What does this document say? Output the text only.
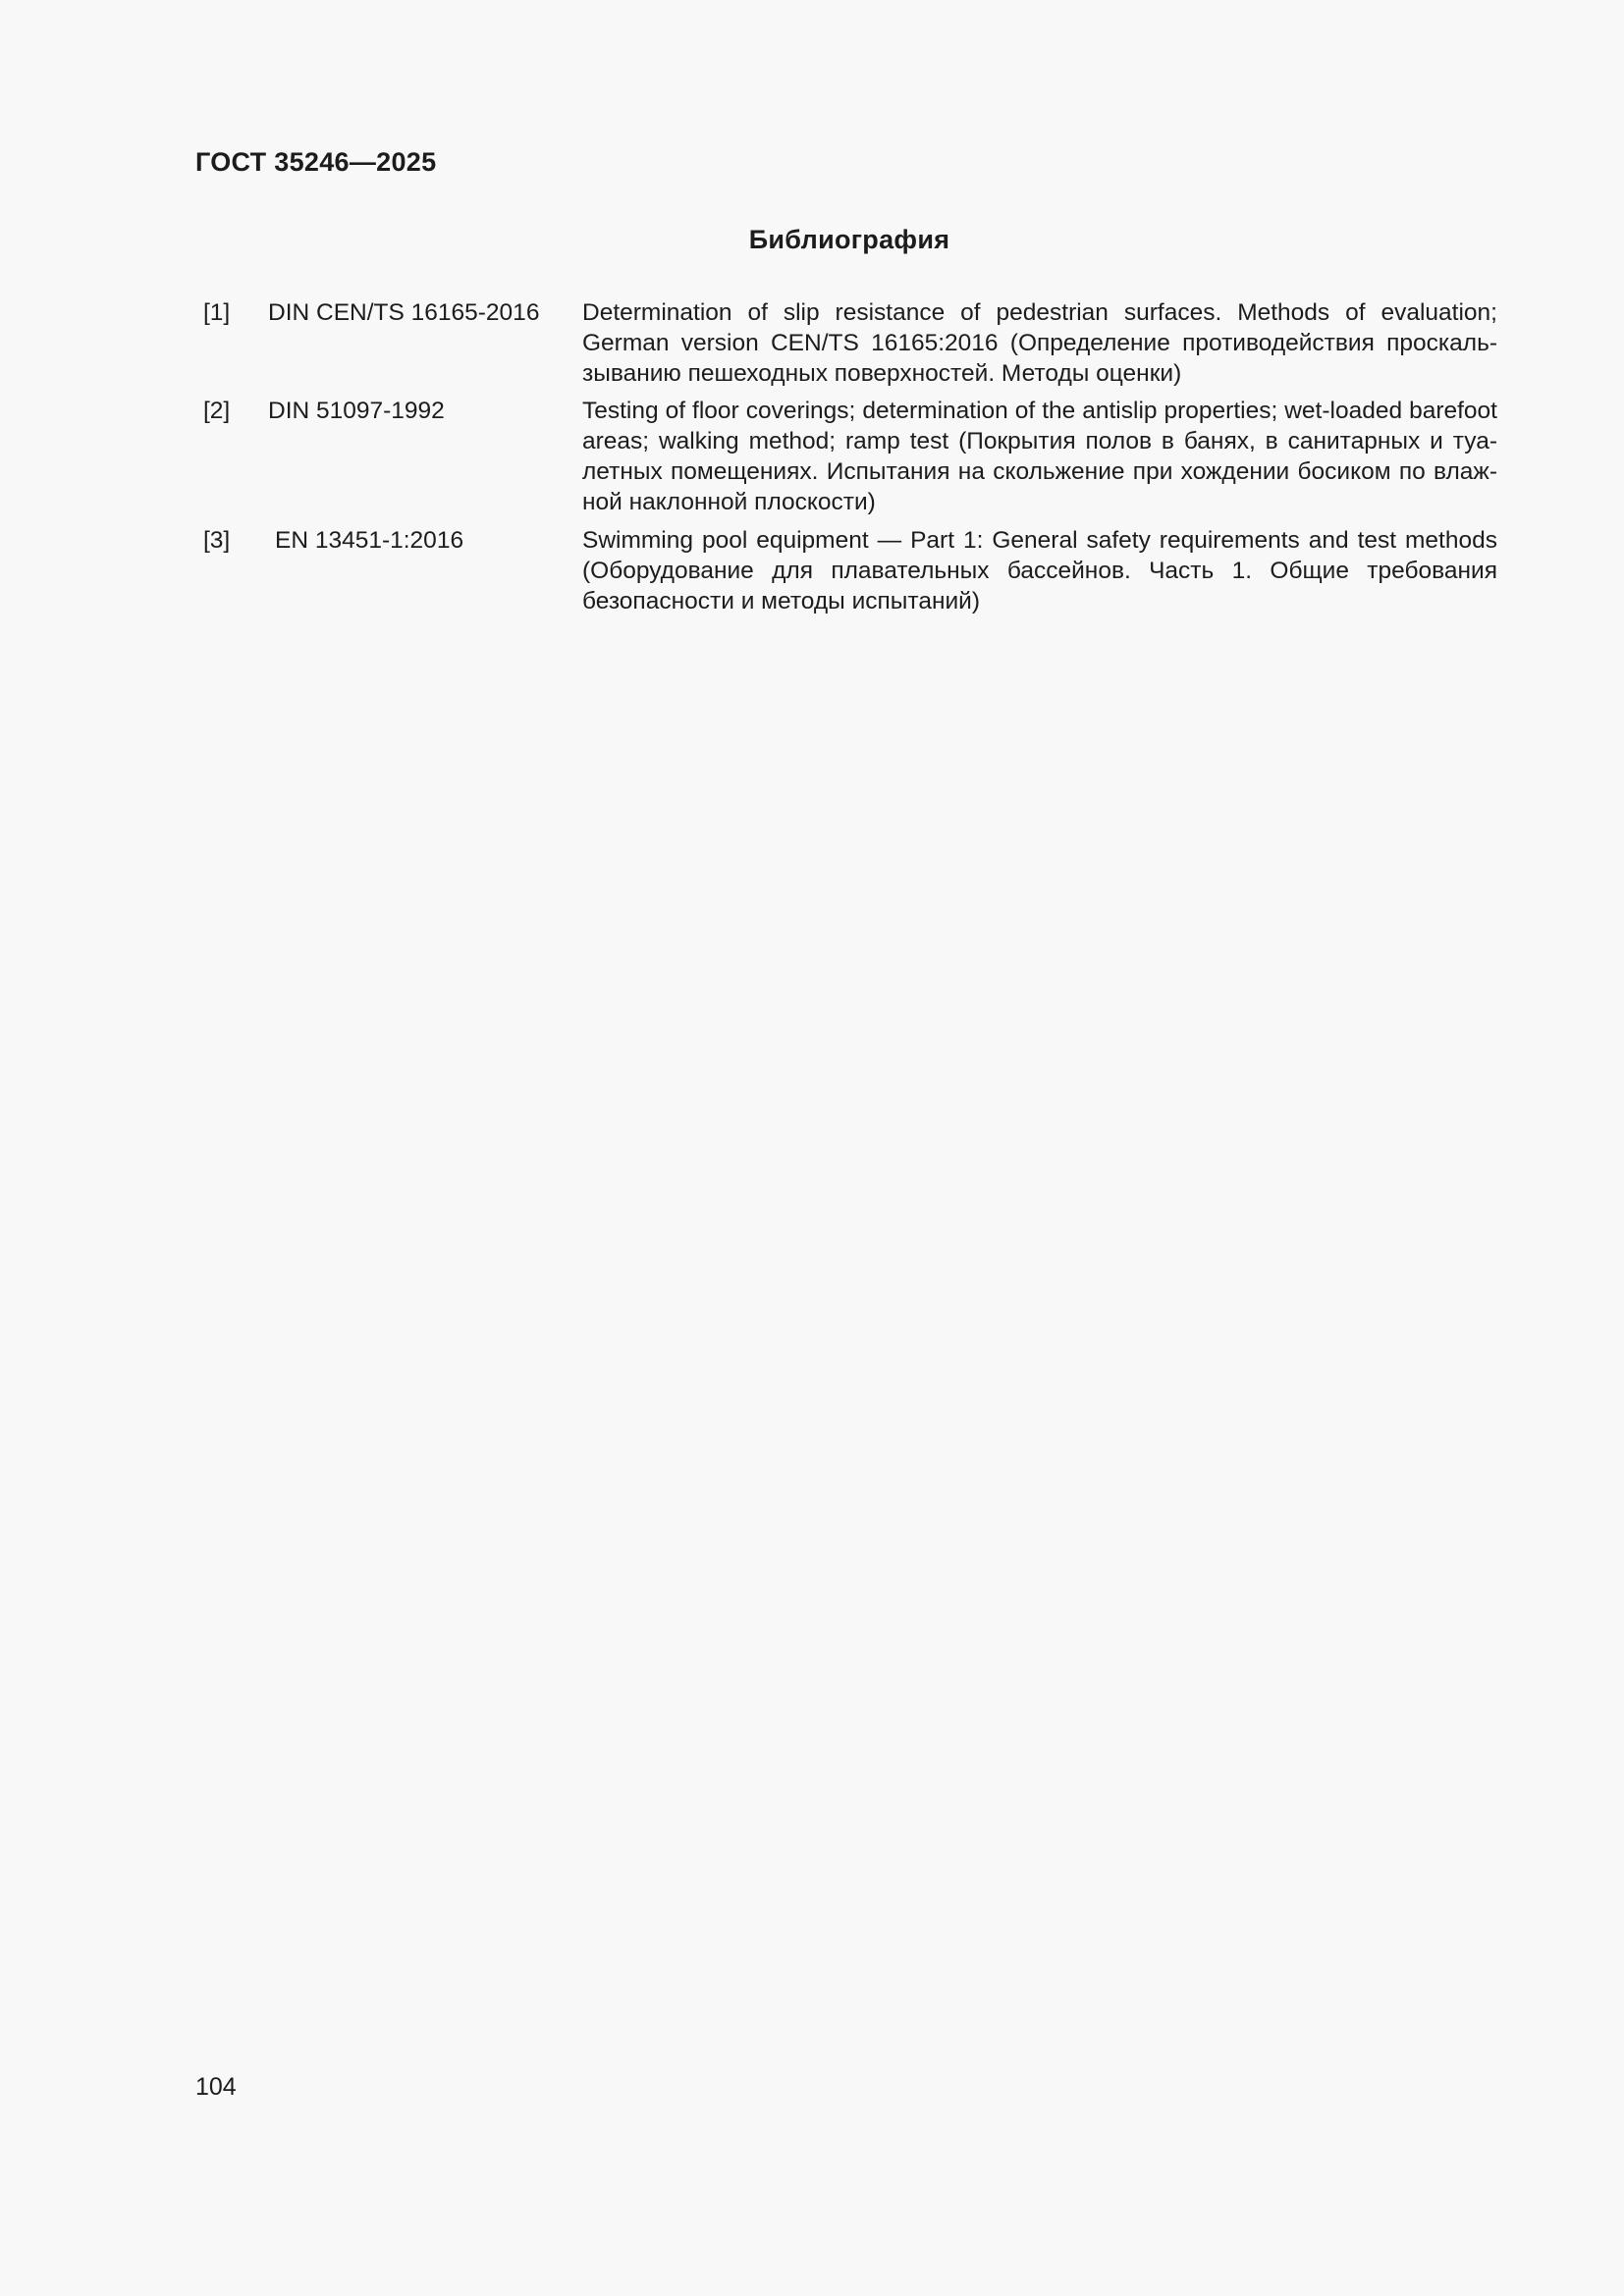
ГОСТ 35246—2025
Библиография
[1] DIN CEN/TS 16165-2016 Determination of slip resistance of pedestrian surfaces. Methods of evaluation; German version CEN/TS 16165:2016 (Определение противодействия проскальзыванию пешеходных поверхностей. Методы оценки)
[2] DIN 51097-1992	Testing of floor coverings; determination of the antislip properties; wet-loaded barefoot areas; walking method; ramp test (Покрытия полов в банях, в санитарных и туалетных помещениях. Испытания на скольжение при хождении босиком по влажной наклонной плоскости)
[3] EN 13451-1:2016	Swimming pool equipment — Part 1: General safety requirements and test methods (Оборудование для плавательных бассейнов. Часть 1. Общие требования безопасности и методы испытаний)
104
